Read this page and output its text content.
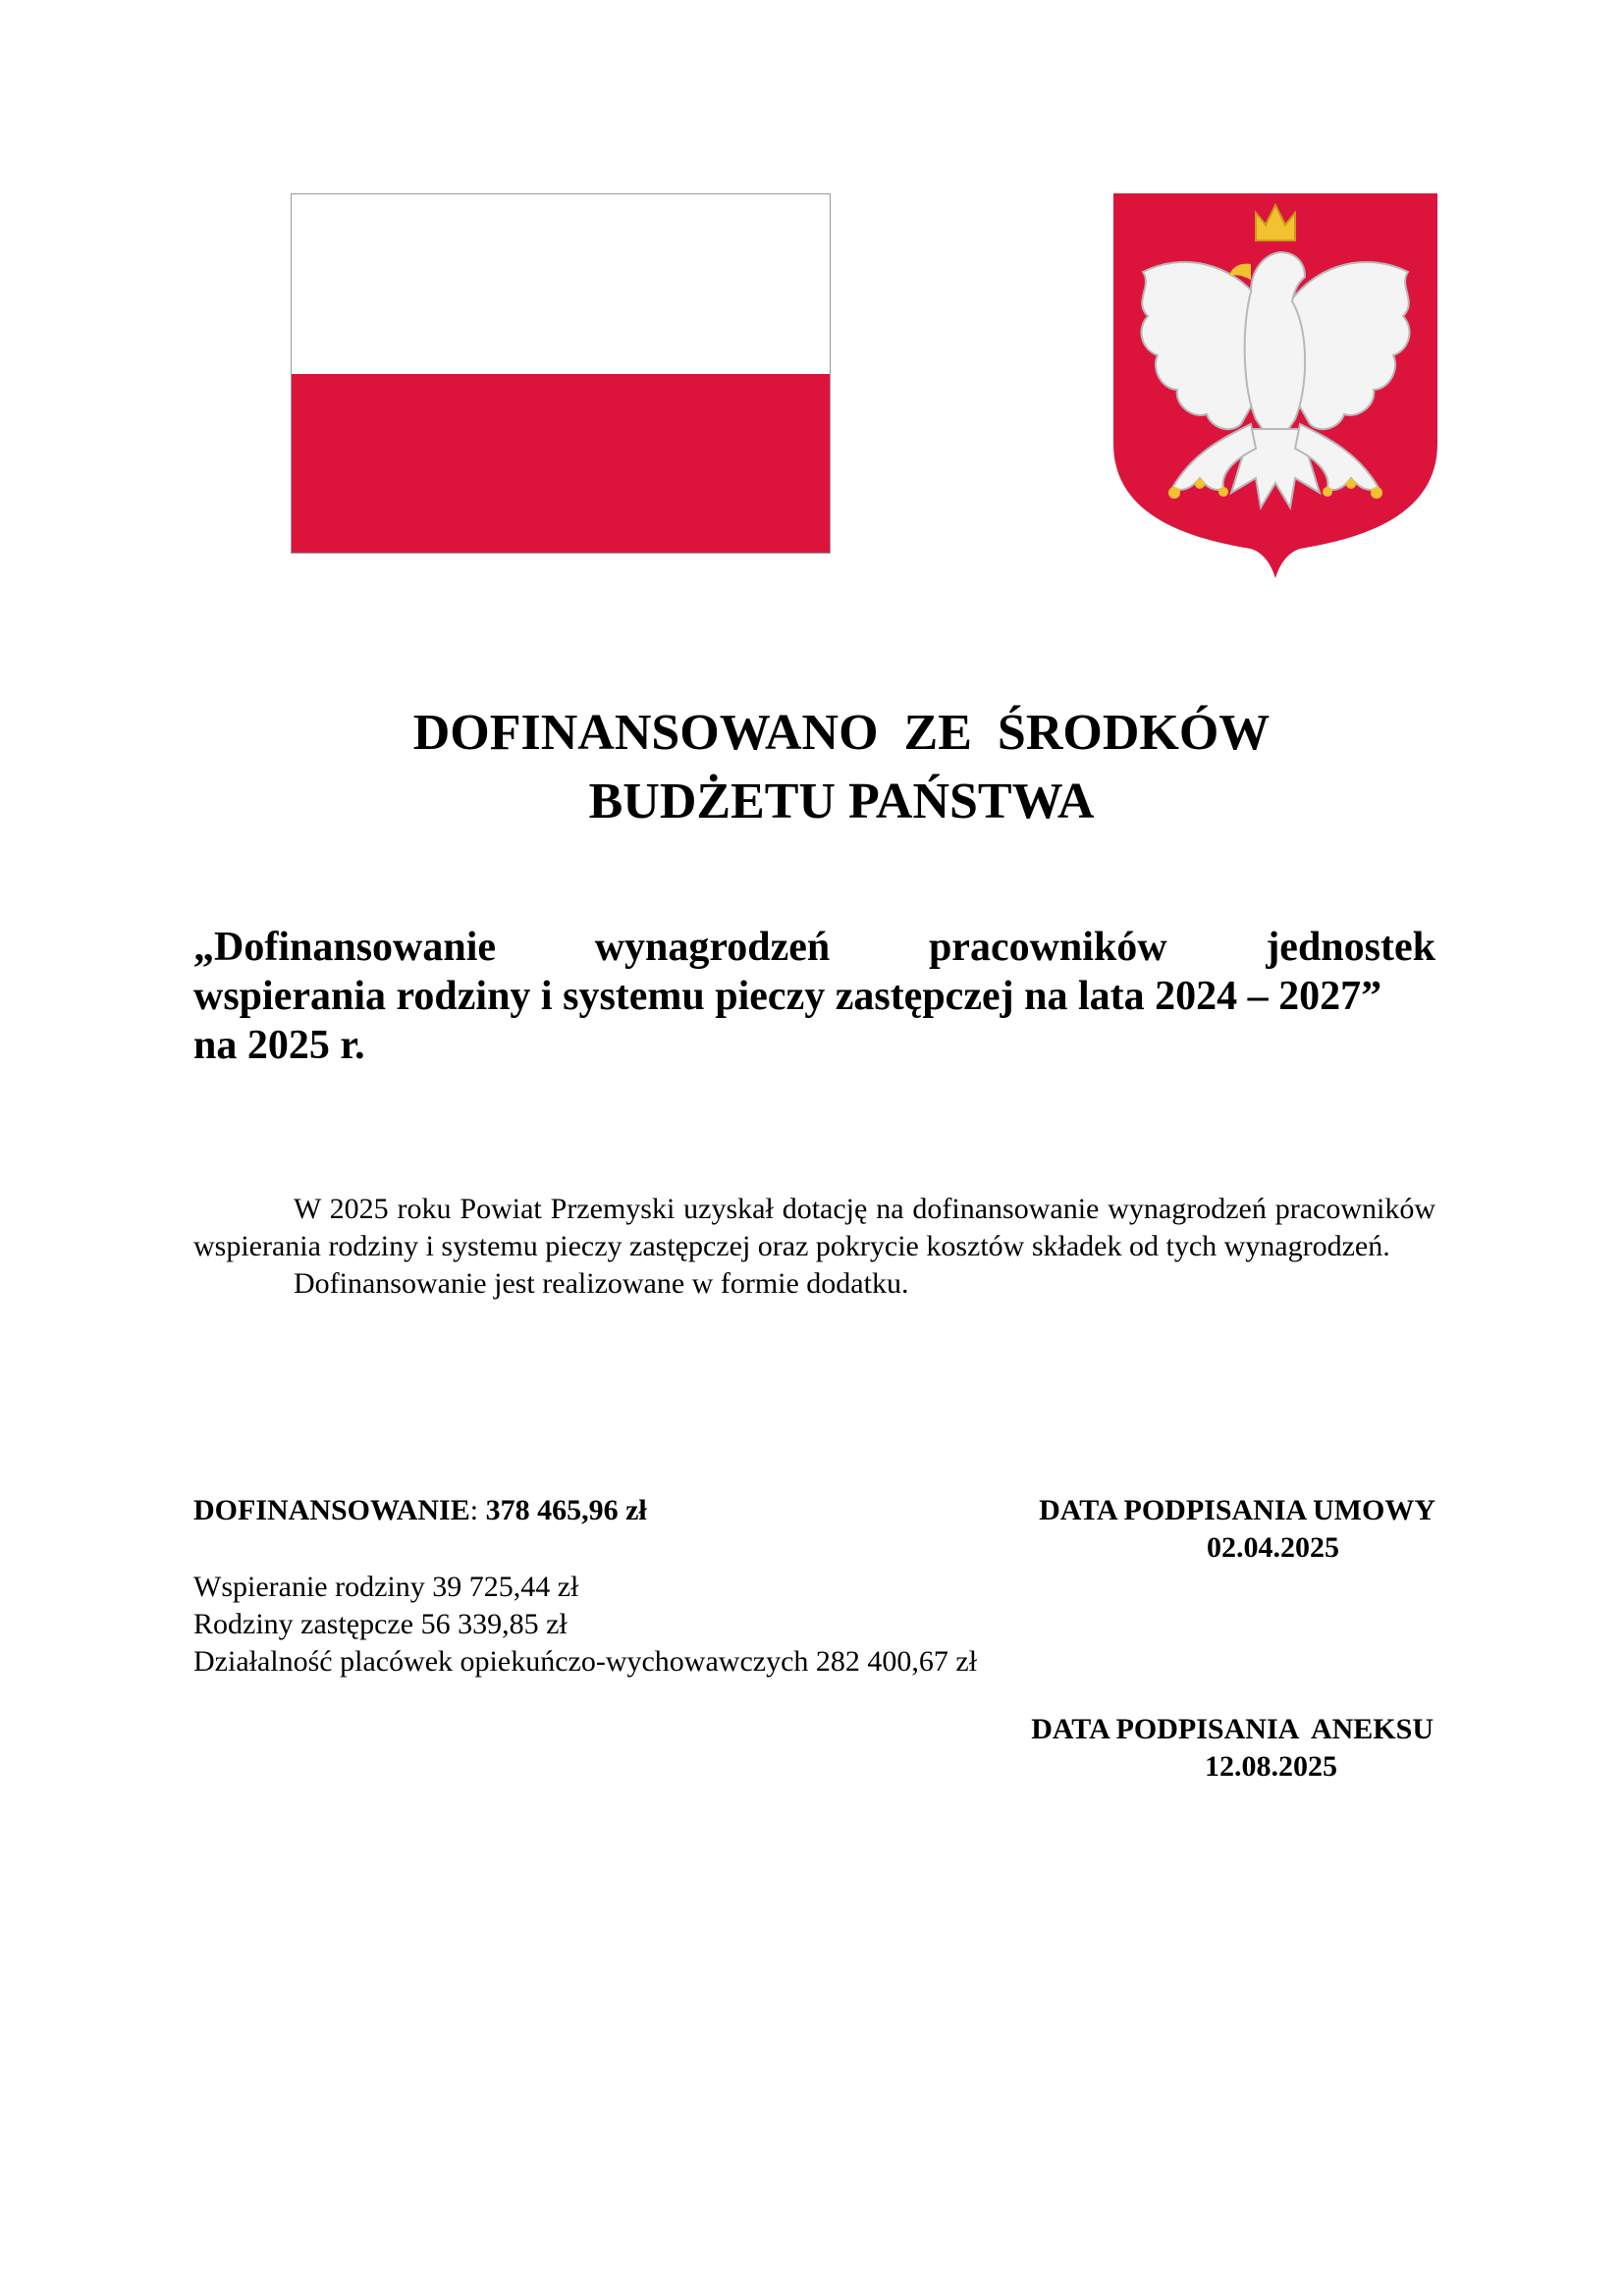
DOFINANSOWANO  ZE  ŚRODKÓW
BUDŻETU PAŃSTWA
„Dofinansowanie wynagrodzeń pracowników jednostek
wspierania rodziny i systemu pieczy zastępczej na lata 2024 – 2027”
na 2025 r.

W 2025 roku Powiat Przemyski uzyskał dotację na dofinansowanie wynagrodzeń pracowników wspierania rodziny i systemu pieczy zastępczej oraz pokrycie kosztów składek od tych wynagrodzeń.

Dofinansowanie jest realizowane w formie dodatku.

DOFINANSOWANIE: 378 465,96 zł
Wspieranie rodziny 39 725,44 zł
Rodziny zastępcze 56 339,85 zł
Działalność placówek opiekuńczo-wychowawczych 282 400,67 zł
DATA PODPISANIA UMOWY
02.04.2025
DATA PODPISANIA  ANEKSU
12.08.2025
